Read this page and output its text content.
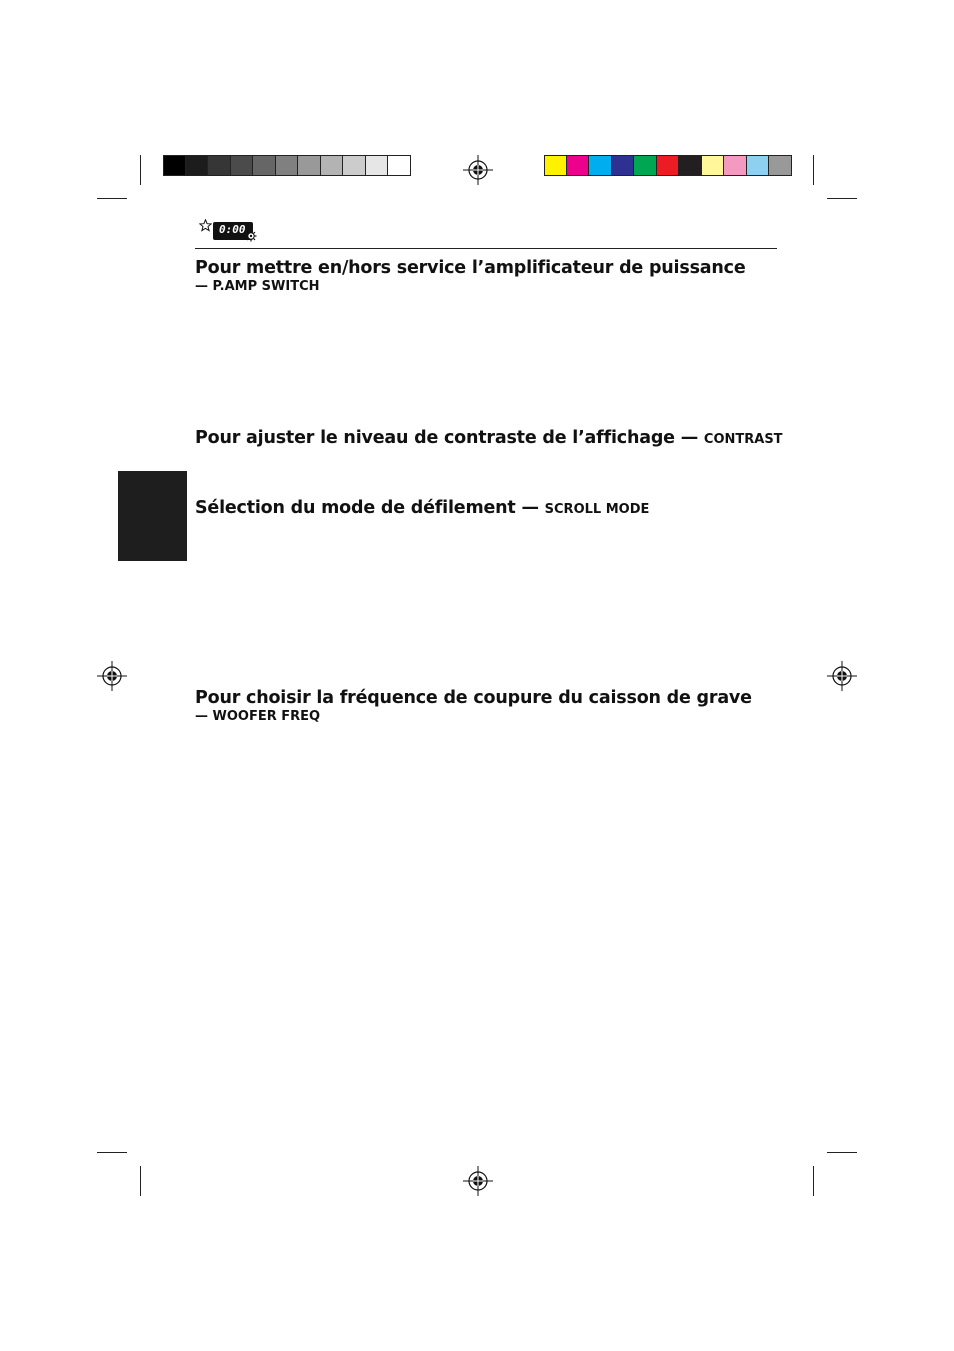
0:00
Pour mettre en/hors service l’amplificateur de puissance
— P.AMP SWITCH
Pour ajuster le niveau de contraste de l’affichage — CONTRAST
Sélection du mode de défilement — SCROLL MODE
Pour choisir la fréquence de coupure du caisson de grave
— WOOFER FREQ
